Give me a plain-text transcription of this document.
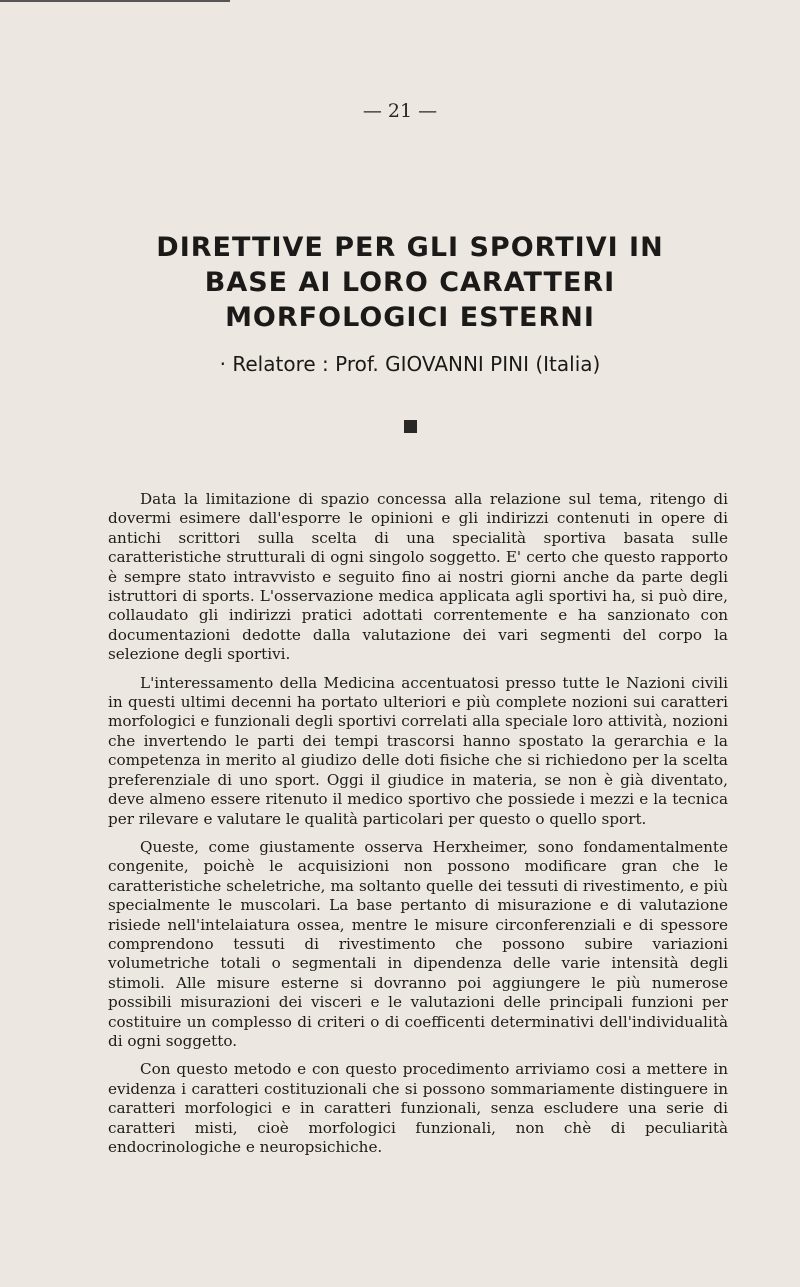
— 21 —
DIRETTIVE PER GLI SPORTIVI IN
BASE AI LORO CARATTERI
MORFOLOGICI ESTERNI
· Relatore : Prof. GIOVANNI PINI (Italia)

Data la limitazione di spazio concessa alla relazione sul tema, ritengo di dovermi esimere dall'esporre le opinioni e gli indirizzi contenuti in opere di antichi scrittori sulla scelta di una specialità sportiva basata sulle caratteristiche strutturali di ogni singolo soggetto. E' certo che questo rapporto è sempre stato intravvisto e seguito fino ai nostri giorni anche da parte degli istruttori di sports. L'osservazione medica applicata agli sportivi ha, si può dire, collaudato gli indirizzi pratici adottati correntemente e ha sanzionato con documentazioni dedotte dalla valutazione dei vari segmenti del corpo la selezione degli sportivi.

L'interessamento della Medicina accentuatosi presso tutte le Nazioni civili in questi ultimi decenni ha portato ulteriori e più complete nozioni sui caratteri morfologici e funzionali degli sportivi correlati alla speciale loro attività, nozioni che invertendo le parti dei tempi trascorsi hanno spostato la gerarchia e la competenza in merito al giudizo delle doti fisiche che si richiedono per la scelta preferenziale di uno sport. Oggi il giudice in materia, se non è già diventato, deve almeno essere ritenuto il medico sportivo che possiede i mezzi e la tecnica per rilevare e valutare le qualità particolari per questo o quello sport.

Queste, come giustamente osserva Herxheimer, sono fondamentalmente congenite, poichè le acquisizioni non possono modificare gran che le caratteristiche scheletriche, ma soltanto quelle dei tessuti di rivestimento, e più specialmente le muscolari. La base pertanto di misurazione e di valutazione risiede nell'intelaiatura ossea, mentre le misure circonferenziali e di spessore comprendono tessuti di rivestimento che possono subire variazioni volumetriche totali o segmentali in dipendenza delle varie intensità degli stimoli. Alle misure esterne si dovranno poi aggiungere le più numerose possibili misurazioni dei visceri e le valutazioni delle principali funzioni per costituire un complesso di criteri o di coefficenti determinativi dell'individualità di ogni soggetto.

Con questo metodo e con questo procedimento arriviamo cosi a mettere in evidenza i caratteri costituzionali che si possono sommariamente distinguere in caratteri morfologici e in caratteri funzionali, senza escludere una serie di caratteri misti, cioè morfologici funzionali, non chè di peculiarità endocrinologiche e neuropsichiche.
